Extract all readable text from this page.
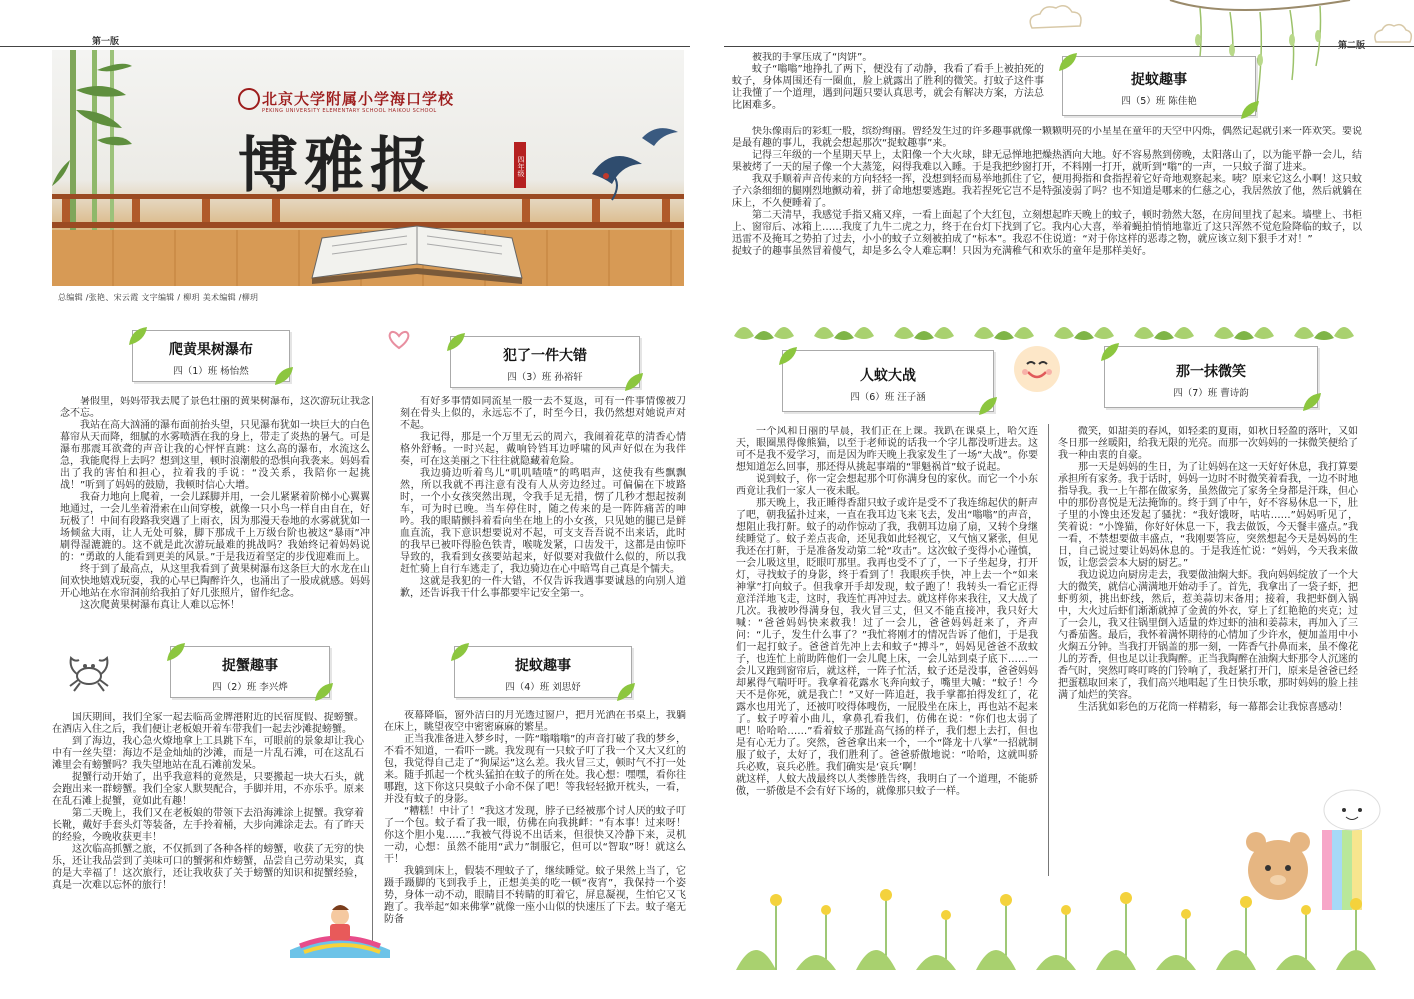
第一版	第二版
北京大学附属小学海口学校
PEKING UNIVERSITY ELEMENTARY SCHOOL HAIKOU SCHOOL
博雅报	四年级
总编辑 /张艳、宋云霞 文字编辑 / 柳玥 美术编辑 /柳玥
爬黄果树瀑布
四（1）班 杨怡然

暑假里，妈妈带我去爬了景色壮丽的黄果树瀑布，这次游玩让我念念不忘。

我站在高大汹涌的瀑布面前抬头望，只见瀑布犹如一块巨大的白色幕帘从天而降，细腻的水雾喷洒在我的身上，带走了炎热的暑气。可是瀑布那震耳欲聋的声音让我的心怦怦直跳：这么高的瀑布，水流这么急，我能爬得上去吗？想到这里，顿时浪潮般的恐惧向我袭来。妈妈看出了我的害怕和担心，拉着我的手说：“没关系，我陪你一起挑战！”听到了妈妈的鼓励，我顿时信心大增。

我奋力地向上爬着，一会儿踩脚并用，一会儿紧紧着阶梯小心翼翼地通过，一会儿坐着滑索在山间穿梭，就像一只小鸟一样自由自在，好玩极了！中间有段路我突遇了上雨衣，因为那漫天卷地的水雾就犹如一场倾盆大雨，让人无处可躲，脚下那成千上万级台阶也被这“暴雨”冲刷得湿漉漉的。这不就是此次游玩最难的挑战吗？我始终记着妈妈说的：“勇敢的人能看到更美的风景。”于是我迈着坚定的步伐迎难而上。

终于到了最高点，从这里我看到了黄果树瀑布这条巨大的水龙在山间欢快地嬉戏玩耍，我的心早已陶醉许久，也涌出了一股成就感。妈妈开心地站在水帘洞前给我拍了好几张照片，留作纪念。

这次爬黄果树瀑布真让人难以忘怀！

犯了一件大错
四（3）班 孙裕轩

有好多事情如同流星一般一去不复返，可有一件事情像被刀刻在骨头上似的，永远忘不了，时至今日，我仍然想对她说声对不起。

我记得，那是一个万里无云的周六，我闹着花草的清香心情格外舒畅。一时兴起，戴响铃铛耳边呼啸的风声好似在为我伴奏，可在这美丽之下往往就隐藏着危险。

我边骑边听着鸟儿“叽叽喳喳”的鸣唱声，这使我有些飘飘然，所以我就不再注意有没有人从旁边经过。可偏偏在下坡路时，一个小女孩突然出现，令我手足无措，愣了几秒才想起按刹车，可为时已晚。当车停住时，随之传来的是一阵阵痛苦的呻吟。我的眼睛颤抖着看向坐在地上的小女孩，只见她的腿已是鲜血直流，我下意识想要说对不起，可支支吾吾说不出来话，此时的我早已被吓得脸色铁青，喉咙发紧，口齿发干，这都是由惊吓导致的，我看到女孩要站起来，好似要对我做什么似的，所以我赶忙骑上自行车逃走了，我边骑边在心中暗骂自己真是个懦夫。

这就是我犯的一件大错，不仅告诉我遇事要诚恳的向别人道歉，还告诉我干什么事都要牢记安全第一。

捉蟹趣事
四（2）班 李兴烨

国庆期间，我们全家一起去临高金牌港附近的民宿度假、捉螃蟹。在酒店入住之后，我们便让老板娘开着车带我们一起去沙滩捉螃蟹。

到了海边，我心急火燎地拿上工具跳下车，可眼前的景象却让我心中有一丝失望：海边不是金灿灿的沙滩，而是一片乱石滩，可在这乱石滩里会有螃蟹吗？我失望地站在乱石滩前发呆。

捉蟹行动开始了，出乎我意料的竟然是，只要搬起一块大石头，就会跑出来一群螃蟹。我们全家人默契配合，手脚并用，不亦乐乎。原来在乱石滩上捉蟹，竟如此有趣！

第二天晚上，我们又在老板娘的带领下去沿海滩涂上捉蟹。我穿着长靴，戴好手套头灯等装备，左手拎着桶，大步向滩涂走去。有了昨天的经验，今晚收获更丰！

这次临高抓蟹之旅，不仅抓到了各种各样的螃蟹，收获了无穷的快乐，还让我品尝到了美味可口的蟹粥和炸螃蟹，品尝自己劳动果实，真的是大幸福了！这次旅行，还让我收获了关于螃蟹的知识和捉蟹经验，真是一次难以忘怀的旅行！

捉蚊趣事
四（4）班 刘思妤

夜幕降临，窗外洁白的月光透过窗户，把月光洒在书桌上，我躺在床上，眺望夜空中密密麻麻的繁星。

正当我准备进入梦乡时，一阵“嗡嗡嗡”的声音打破了我的梦乡，不看不知道，一看吓一跳。我发现有一只蚊子叮了我一个又大又红的包，我觉得自己走了“狗屎运”这么差。我火冒三丈，顿时气不打一处来。随手抓起一个枕头猛拍在蚊子的所在处。我心想：嘿嘿，看你往哪跑，这下你这只臭蚊子小命不保了吧！等我轻轻掀开枕头，一看，并没有蚊子的身影。

“糟糕！中计了！”我这才发现，脖子已经被那个讨人厌的蚊子叮了一个包。蚊子看了我一眼，仿佛在向我挑衅：“有本事！过来呀！你这个胆小鬼……”我被气得说不出话来，但很快又冷静下来，灵机一动，心想：虽然不能用“武力”制服它，但可以“智取”呀！就这么干！

我躺到床上，假装不理蚊子了，继续睡觉。蚊子果然上当了，它蹑手蹑脚的飞到我手上，正想美美的吃一顿“夜宵”，我保持一个姿势，身体一动不动，眼睛目不转睛的盯着它，屏息凝视，生怕它又飞跑了。我举起“如来佛掌”就像一座小山似的快速压了下去。蚊子毫无防备

被我的手掌压成了“肉饼”。

蚊子“嗡嗡”地挣扎了两下，便没有了动静，我看了看手上被拍死的蚊子，身体周围还有一圈血，脸上就露出了胜利的微笑。打蚊子这件事让我懂了一个道理，遇到问题只要认真思考，就会有解决方案，方法总比困难多。

捉蚊趣事
四（5）班 陈佳艳

快乐像雨后的彩虹一般，缤纷绚丽。曾经发生过的许多趣事就像一颗颗明亮的小星星在童年的天空中闪烁，偶然记起就引来一阵欢笑。要说是最有趣的事儿，我就会想起那次“捉蚊趣事”来。

记得三年级的一个星期天早上，太阳像一个大火球，肆无忌惮地把燥热洒向大地。好不容易熬到傍晚，太阳落山了，以为能平静一会儿，结果被烤了一天的屋子像一个大蒸笼，闷得我难以入睡。于是我把纱窗打开，不料刚一打开，就听到“嗡”的一声，一只蚊子溜了进来。

我双手顺着声音传来的方向轻轻一挥，没想到轻而易举地抓住了它，便用拇指和食指捏着它好奇地观察起来。咦？原来它这么小啊！这只蚊子六条细细的腿刚烈地颤动着，拼了命地想要逃跑。我若捏死它岂不是特强凌弱了吗？也不知道是哪来的仁慈之心，我居然放了他，然后就躺在床上，不久便睡着了。

第二天清早，我感觉手指又痛又痒，一看上面起了个大红包，立刻想起昨天晚上的蚊子，顿时勃然大怒，在房间里找了起来。墙壁上、书柜上、窗帘后、冰箱上……我度了九牛二虎之力，终于在台灯下找到了它。我内心大喜，举着蝇拍悄悄地靠近了这只浑然不觉危险降临的蚊子，以迅雷不及掩耳之势拍了过去，小小的蚊子立刻被拍成了“标本”。我忍不住说道：“对于你这样的恶毒之物，就应该立刻下狠手才对！”

捉蚊子的趣事虽然冒着傻气，却是多么令人难忘啊！只因为充满稚气和欢乐的童年是那样美好。

人蚊大战
四（6）班 汪子涵

一个风和日丽的早晨，我们正在上课。我趴在课桌上，哈欠连天，眼圈黑得像熊猫，以至于老师说的话我一个字儿都没听进去。这可不是我不爱学习，而是因为昨天晚上我家发生了一场“大战”。你要想知道怎么回事，那还得从挑起事端的“罪魁祸首”蚊子说起。

说到蚊子，你一定会想起那个叮你满身包的家伙。而它一个小东西竟让我们一家人一夜未眠。

那天晚上，我正睡得香甜只蚊子或许是受不了我连绵起伏的鼾声了吧，朝我猛扑过来，一直在我耳边飞来飞去，发出“嗡嗡”的声音，想阻止我打鼾。蚊子的动作惊动了我，我朝耳边扇了扇，又转个身继续睡觉了。蚊子差点丧命，还见我如此轻视它，又气恼又紧张，但见我还在打鼾，于是准备发动第二轮“攻击”。这次蚊子变得小心谨慎，一会儿吸这里，眨眼叮那里。我再也受不了了，一下子坐起身，打开灯，寻找蚊子的身影，终于看到了！我眼疾手快，冲上去一个“如来神掌”打向蚊子。但我拿开手却发现，蚊子跑了！我转头一看它正得意洋洋地飞走，这时，我连忙再冲过去。就这样你来我往，又大战了几次。我被吵得满身包，我火冒三丈，但又不能直接冲，我只好大喊：“爸爸妈妈快来救我！过了一会儿，爸爸妈妈赶来了，齐声问：“儿子，发生什么事了？”我忙将刚才的情况告诉了他们，于是我们一起打蚊子。爸爸首先冲上去和蚊子“搏斗”，妈妈见爸爸不敌蚊子，也连忙上前助阵他们一会儿爬上床，一会儿站到桌子底下……一会儿又跑到窗帘后，就这样，一阵子忙活，蚊子还是没事，爸爸妈妈却累得气喘吁吁。我拿着花露水飞奔向蚊子，嘴里大喊：“蚊子！今天不是你死，就是我亡！”又好一阵追赶，我手掌都拍得发红了，花露水也用光了，还被叮咬得体嗖伤，一屁股坐在床上，再也站不起来了。蚊子哼着小曲儿，拿鼻孔看我们，仿佛在说：“你们也太弱了吧！哈哈哈……”看着蚊子那趾高气扬的样子，我们想上去打，但也是有心无力了。突然，爸爸拿出来一个，一个“降龙十八掌”一招就制服了蚊子，太好了，我们胜利了。爸爸骄傲地说：“哈哈，这就叫骄兵必败，哀兵必胜。我们确实是‘哀兵’啊！

就这样，人蚊大战最终以人类惨胜告终，我明白了一个道理，不能骄傲，一骄傲是不会有好下场的，就像那只蚊子一样。

那一抹微笑
四（7）班 曹诗韵

微笑，如甜美的春风，如轻柔的夏雨，如秋日轻盈的落叶，又如冬日那一丝暖阳，给我无限的光亮。而那一次妈妈的一抹微笑便给了我一种由衷的自豪。

那一天是妈妈的生日，为了让妈妈在这一天好好休息，我打算要承担所有家务。我于话时，妈妈一边时不时微笑着看我，一边不时地指导我。我一上午都在做家务，虽然做完了家务全身都是汗珠，但心中的那份喜悦是无法掩饰的。终于到了中午，好不容易休息一下，肚子里的小馋虫还发起了骚扰：“我好饿呀，咕咕……”妈妈听见了，笑着说：“小馋猫，你好好休息一下，我去做饭，今天餐丰盛点。”我一看，不禁想要做丰盛点，“我刚要答应，突然想起今天是妈妈的生日，自己说过要让妈妈休息的。于是我连忙说：“妈妈，今天我来做饭，让您尝尝本大厨的厨艺。”

我边说边向厨房走去，我要做油焖大虾。我向妈妈绽放了一个大大的微笑，就信心满满地开始动手了。首先，我拿出了一袋子虾，把虾剪须，挑出虾线，然后，惹美蒜切末备用；接着，我把虾倒入锅中，大火过后虾们渐渐就掉了金黄的外衣，穿上了红艳艳的夹克；过了一会儿，我又往锅里倒入适量的炸过虾的油和姜蒜末，再加入了三勺番茄酱。最后，我怀着满怀期待的心情加了少许水，便加盖用中小火焖五分钟。当我打开锅盖的那一刻，一阵香气扑鼻而来，虽不像花儿的芳香，但也足以让我陶醉。正当我陶醉在油焖大虾那令人沉迷的香气时，突然叮咚叮咚的门铃响了，我赶紧打开门，原来是爸爸已经把蛋糕取回来了，我们高兴地唱起了生日快乐歌，那时妈妈的脸上挂满了灿烂的笑容。

生活犹如彩色的万花筒一样精彩，每一幕都会让我惊喜感动！
